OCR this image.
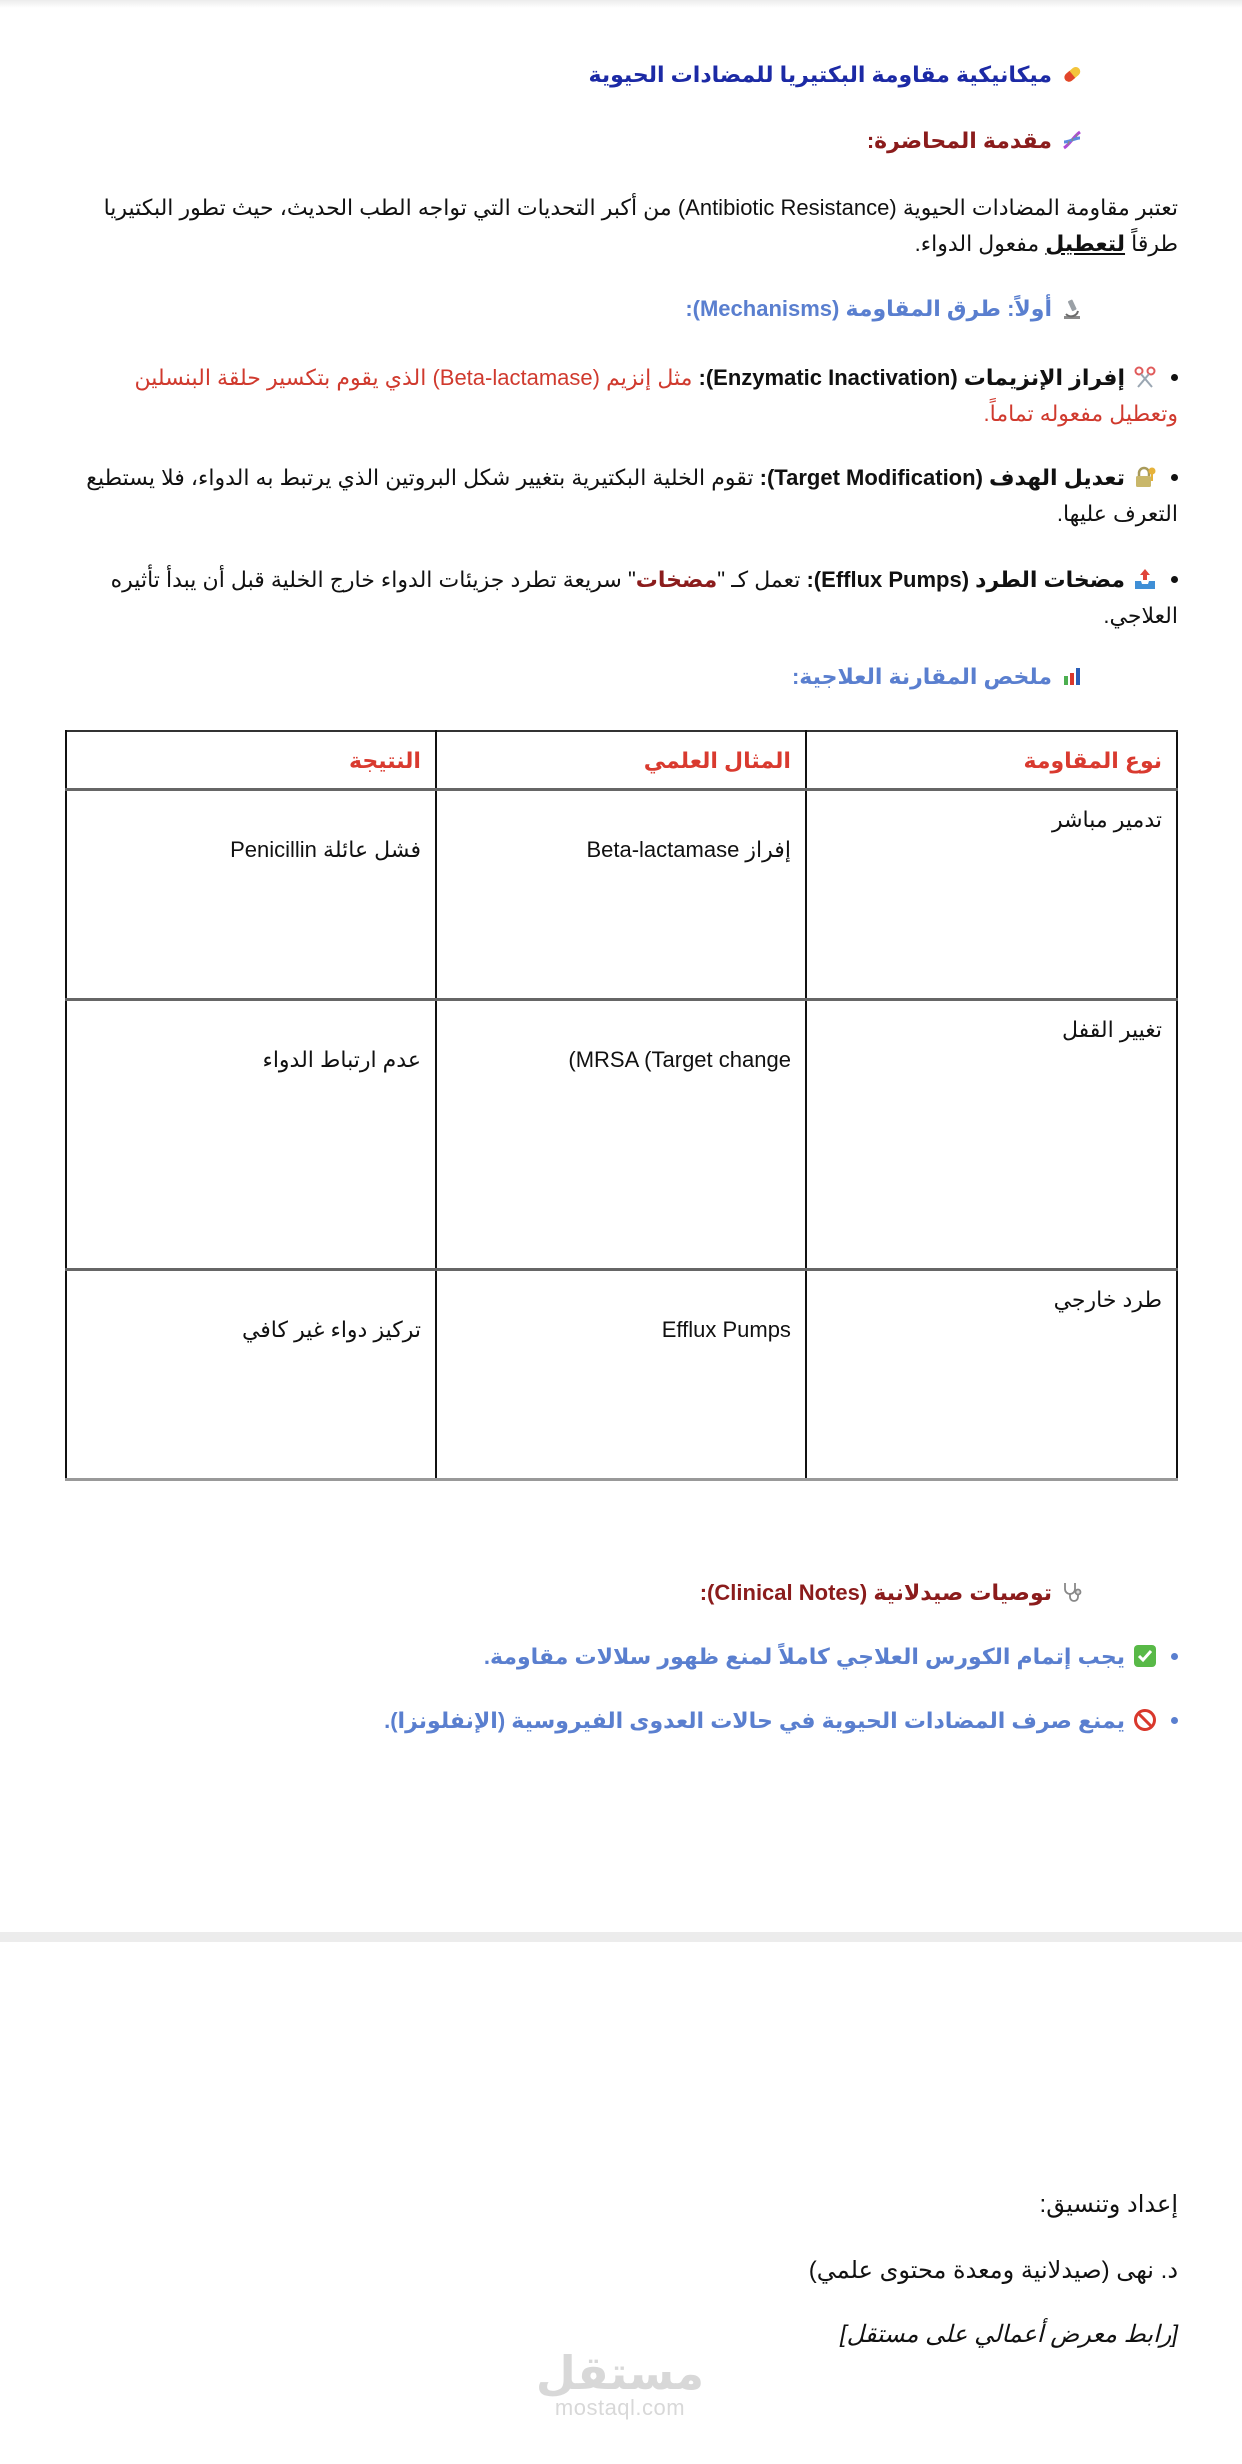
ميكانيكية مقاومة البكتيريا للمضادات الحيوية
مقدمة المحاضرة:
تعتبر مقاومة المضادات الحيوية (Antibiotic Resistance) من أكبر التحديات التي تواجه الطب الحديث، حيث تطور البكتيريا طرقاً لتعطيل مفعول الدواء.
أولاً: طرق المقاومة (Mechanisms):
إفراز الإنزيمات (Enzymatic Inactivation): مثل إنزيم (Beta-lactamase) الذي يقوم بتكسير حلقة البنسلين وتعطيل مفعوله تماماً.
تعديل الهدف (Target Modification): تقوم الخلية البكتيرية بتغيير شكل البروتين الذي يرتبط به الدواء، فلا يستطيع التعرف عليها.
مضخات الطرد (Efflux Pumps): تعمل كـ "مضخات" سريعة تطرد جزيئات الدواء خارج الخلية قبل أن يبدأ تأثيره العلاجي.
ملخص المقارنة العلاجية:
نوع المقاومة	المثال العلمي	النتيجة
تدمير مباشر	إفراز Beta-lactamase	فشل عائلة Penicillin
تغيير القفل	(MRSA (Target change	عدم ارتباط الدواء
طرد خارجي	Efflux Pumps	تركيز دواء غير كافي
توصيات صيدلانية (Clinical Notes):
يجب إتمام الكورس العلاجي كاملاً لمنع ظهور سلالات مقاومة.
يمنع صرف المضادات الحيوية في حالات العدوى الفيروسية (الإنفلونزا).
إعداد وتنسيق:
د. نهى (صيدلانية ومعدة محتوى علمي)
[رابط معرض أعمالي على مستقل]
مستقل
mostaql.com
